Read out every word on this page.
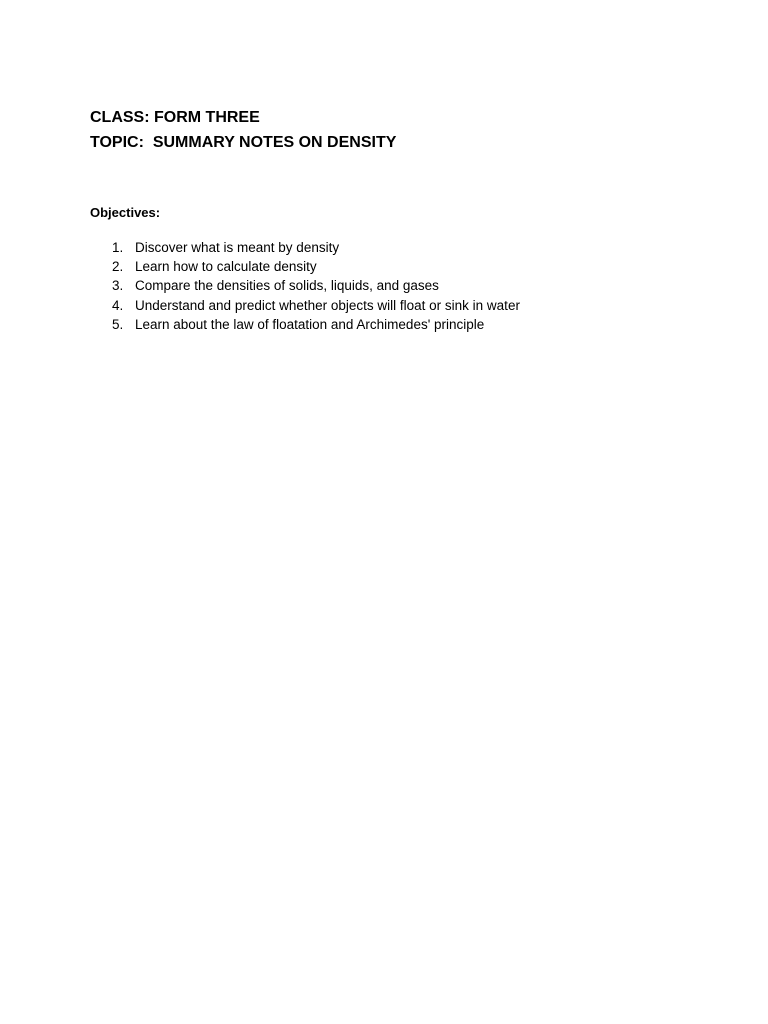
CLASS: FORM THREE
TOPIC:  SUMMARY NOTES ON DENSITY
Objectives:
1. Discover what is meant by density
2. Learn how to calculate density
3. Compare the densities of solids, liquids, and gases
4. Understand and predict whether objects will float or sink in water
5. Learn about the law of floatation and Archimedes' principle
